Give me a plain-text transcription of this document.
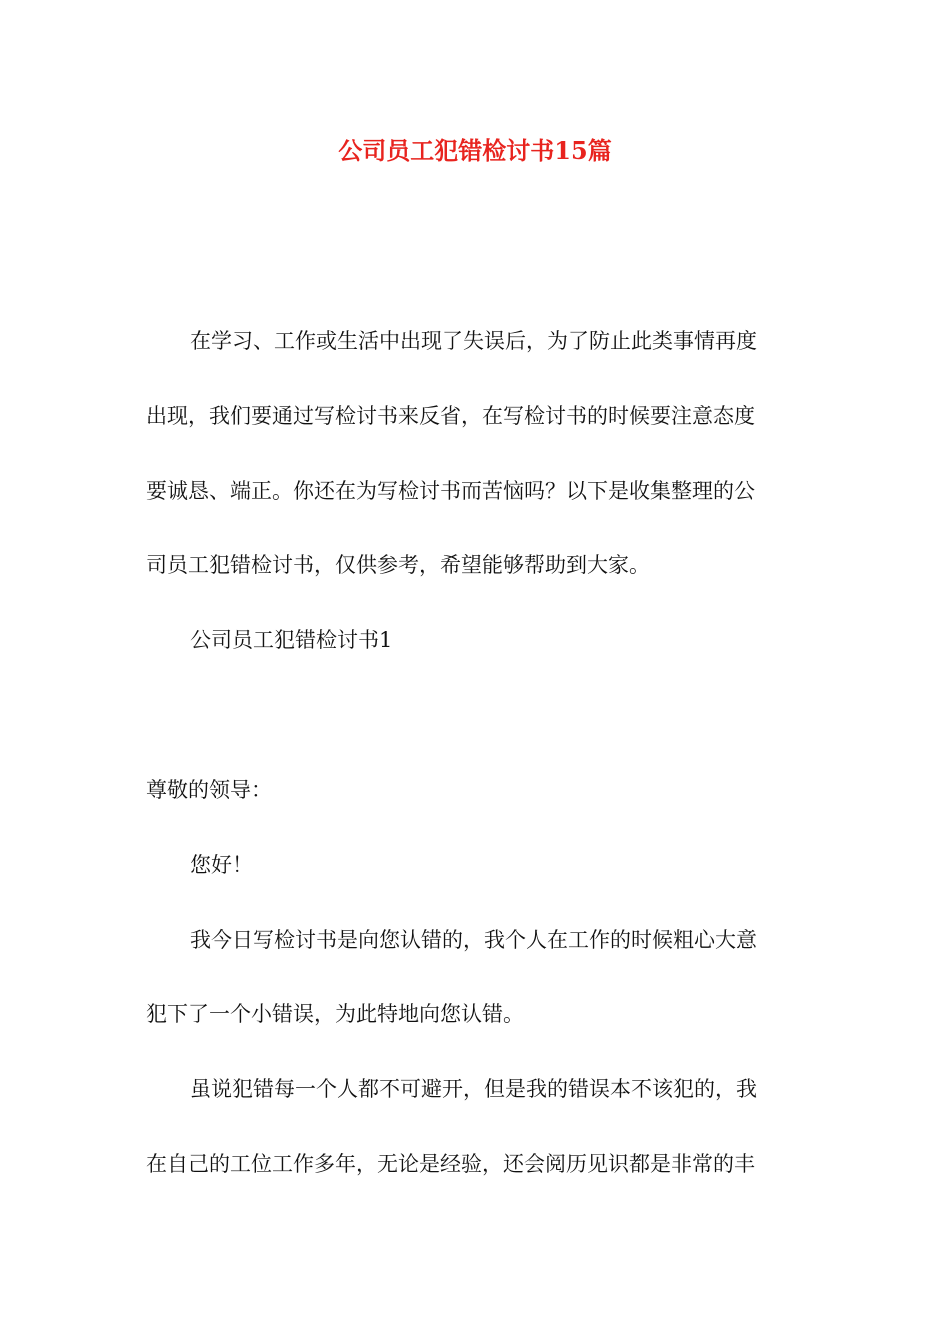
公司员工犯错检讨书15篇
在学习、工作或生活中出现了失误后，为了防止此类事情再度
出现，我们要通过写检讨书来反省，在写检讨书的时候要注意态度
要诚恳、端正。你还在为写检讨书而苦恼吗？以下是收集整理的公
司员工犯错检讨书，仅供参考，希望能够帮助到大家。
公司员工犯错检讨书1
尊敬的领导：
您好！
我今日写检讨书是向您认错的，我个人在工作的时候粗心大意
犯下了一个小错误，为此特地向您认错。
虽说犯错每一个人都不可避开，但是我的错误本不该犯的，我
在自己的工位工作多年，无论是经验，还会阅历见识都是非常的丰
